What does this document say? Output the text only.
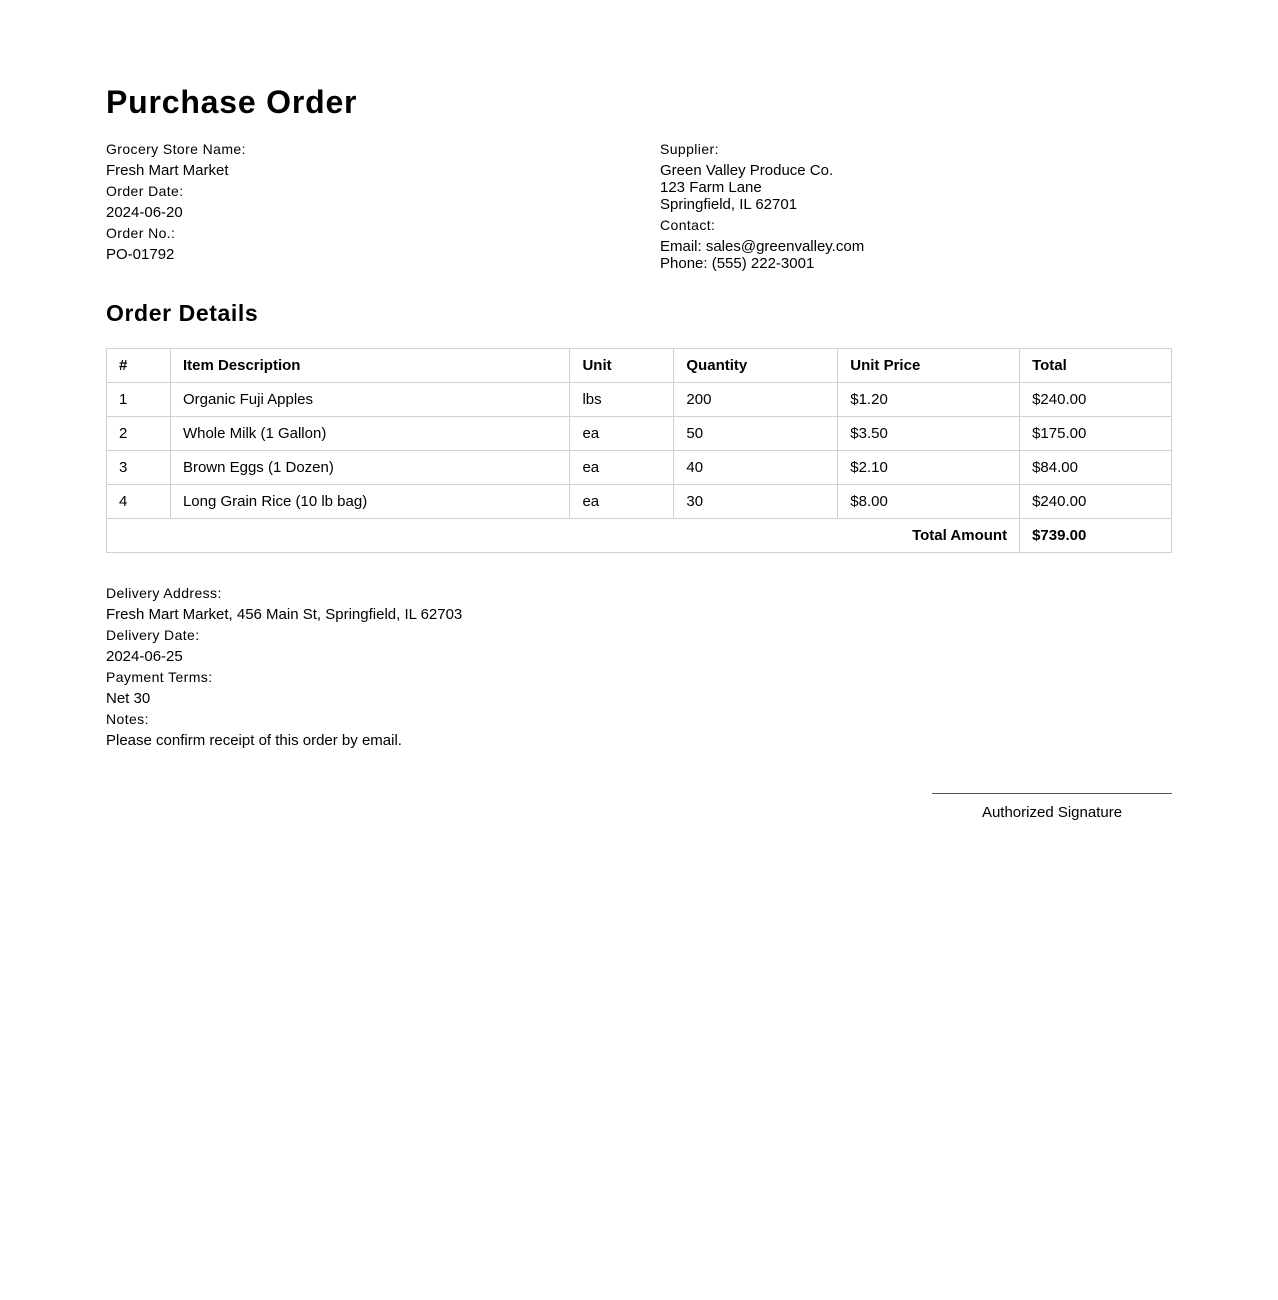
Purchase Order
Grocery Store Name:
Fresh Mart Market
Order Date:
2024-06-20
Order No.:
PO-01792
Supplier:
Green Valley Produce Co.
123 Farm Lane
Springfield, IL 62701
Contact:
Email: sales@greenvalley.com
Phone: (555) 222-3001
Order Details
#	Item Description	Unit	Quantity	Unit Price	Total
1	Organic Fuji Apples	lbs	200	$1.20	$240.00
2	Whole Milk (1 Gallon)	ea	50	$3.50	$175.00
3	Brown Eggs (1 Dozen)	ea	40	$2.10	$84.00
4	Long Grain Rice (10 lb bag)	ea	30	$8.00	$240.00
Total Amount					$739.00
Delivery Address:
Fresh Mart Market, 456 Main St, Springfield, IL 62703
Delivery Date:
2024-06-25
Payment Terms:
Net 30
Notes:
Please confirm receipt of this order by email.
Authorized Signature
